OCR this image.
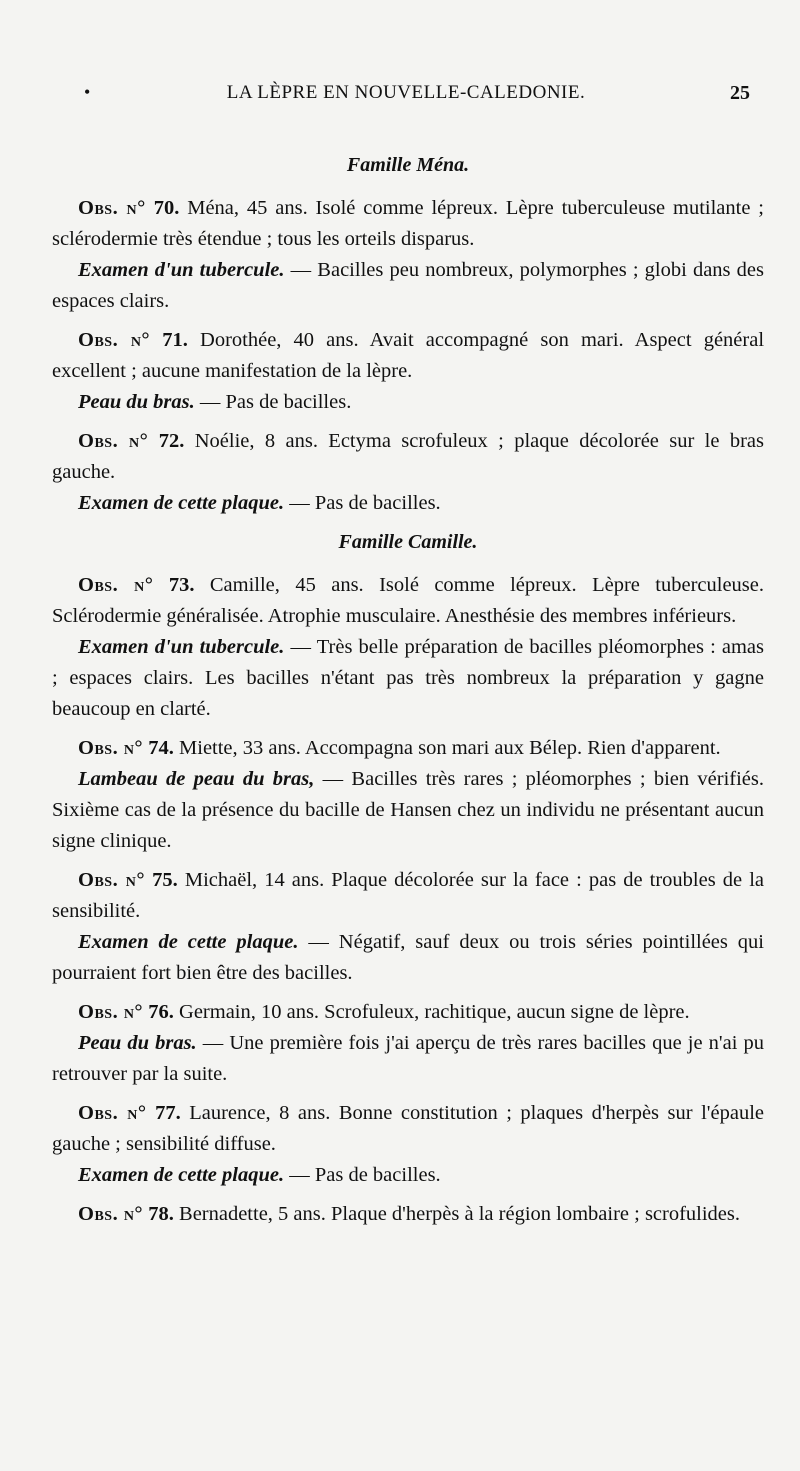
•	LA LÈPRE EN NOUVELLE-CALEDONIE.	25
Famille Ména.

Obs. n° 70. Ména, 45 ans. Isolé comme lépreux. Lèpre tuberculeuse mutilante ; sclérodermie très étendue ; tous les orteils disparus.

Examen d'un tubercule. — Bacilles peu nombreux, polymorphes ; globi dans des espaces clairs.

Obs. n° 71. Dorothée, 40 ans. Avait accompagné son mari. Aspect général excellent ; aucune manifestation de la lèpre.

Peau du bras. — Pas de bacilles.

Obs. n° 72. Noélie, 8 ans. Ectyma scrofuleux ; plaque décolorée sur le bras gauche.

Examen de cette plaque. — Pas de bacilles.

Famille Camille.

Obs. n° 73. Camille, 45 ans. Isolé comme lépreux. Lèpre tuberculeuse. Sclérodermie généralisée. Atrophie musculaire. Anesthésie des membres inférieurs.

Examen d'un tubercule. — Très belle préparation de bacilles pléomorphes : amas ; espaces clairs. Les bacilles n'étant pas très nombreux la préparation y gagne beaucoup en clarté.

Obs. n° 74. Miette, 33 ans. Accompagna son mari aux Bélep. Rien d'apparent.

Lambeau de peau du bras, — Bacilles très rares ; pléomorphes ; bien vérifiés. Sixième cas de la présence du bacille de Hansen chez un individu ne présentant aucun signe clinique.

Obs. n° 75. Michaël, 14 ans. Plaque décolorée sur la face : pas de troubles de la sensibilité.

Examen de cette plaque. — Négatif, sauf deux ou trois séries pointillées qui pourraient fort bien être des bacilles.

Obs. n° 76. Germain, 10 ans. Scrofuleux, rachitique, aucun signe de lèpre.

Peau du bras. — Une première fois j'ai aperçu de très rares bacilles que je n'ai pu retrouver par la suite.

Obs. n° 77. Laurence, 8 ans. Bonne constitution ; plaques d'herpès sur l'épaule gauche ; sensibilité diffuse.

Examen de cette plaque. — Pas de bacilles.

Obs. n° 78. Bernadette, 5 ans. Plaque d'herpès à la région lombaire ; scrofulides.
